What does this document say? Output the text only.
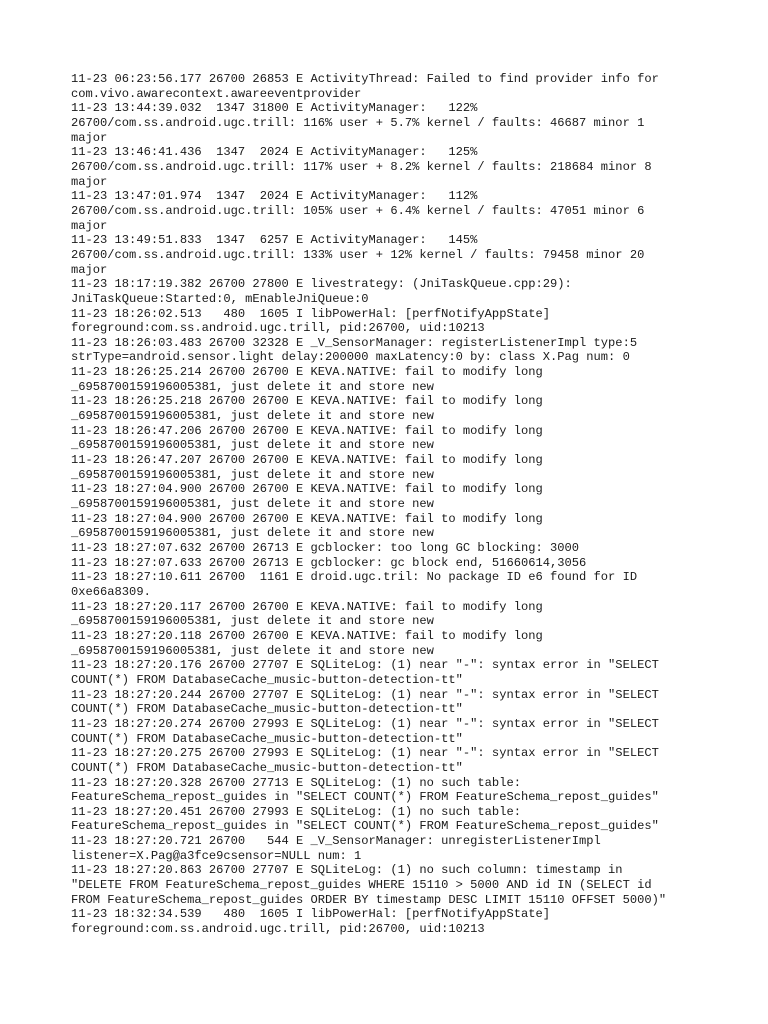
11-23 06:23:56.177 26700 26853 E ActivityThread: Failed to find provider info for
com.vivo.awarecontext.awareeventprovider
11-23 13:44:39.032  1347 31800 E ActivityManager:   122%
26700/com.ss.android.ugc.trill: 116% user + 5.7% kernel / faults: 46687 minor 1
major
11-23 13:46:41.436  1347  2024 E ActivityManager:   125%
26700/com.ss.android.ugc.trill: 117% user + 8.2% kernel / faults: 218684 minor 8
major
11-23 13:47:01.974  1347  2024 E ActivityManager:   112%
26700/com.ss.android.ugc.trill: 105% user + 6.4% kernel / faults: 47051 minor 6
major
11-23 13:49:51.833  1347  6257 E ActivityManager:   145%
26700/com.ss.android.ugc.trill: 133% user + 12% kernel / faults: 79458 minor 20
major
11-23 18:17:19.382 26700 27800 E livestrategy: (JniTaskQueue.cpp:29):
JniTaskQueue:Started:0, mEnableJniQueue:0
11-23 18:26:02.513   480  1605 I libPowerHal: [perfNotifyAppState]
foreground:com.ss.android.ugc.trill, pid:26700, uid:10213
11-23 18:26:03.483 26700 32328 E _V_SensorManager: registerListenerImpl type:5
strType=android.sensor.light delay:200000 maxLatency:0 by: class X.Pag num: 0
11-23 18:26:25.214 26700 26700 E KEVA.NATIVE: fail to modify long
_6958700159196005381, just delete it and store new
11-23 18:26:25.218 26700 26700 E KEVA.NATIVE: fail to modify long
_6958700159196005381, just delete it and store new
11-23 18:26:47.206 26700 26700 E KEVA.NATIVE: fail to modify long
_6958700159196005381, just delete it and store new
11-23 18:26:47.207 26700 26700 E KEVA.NATIVE: fail to modify long
_6958700159196005381, just delete it and store new
11-23 18:27:04.900 26700 26700 E KEVA.NATIVE: fail to modify long
_6958700159196005381, just delete it and store new
11-23 18:27:04.900 26700 26700 E KEVA.NATIVE: fail to modify long
_6958700159196005381, just delete it and store new
11-23 18:27:07.632 26700 26713 E gcblocker: too long GC blocking: 3000
11-23 18:27:07.633 26700 26713 E gcblocker: gc block end, 51660614,3056
11-23 18:27:10.611 26700  1161 E droid.ugc.tril: No package ID e6 found for ID
0xe66a8309.
11-23 18:27:20.117 26700 26700 E KEVA.NATIVE: fail to modify long
_6958700159196005381, just delete it and store new
11-23 18:27:20.118 26700 26700 E KEVA.NATIVE: fail to modify long
_6958700159196005381, just delete it and store new
11-23 18:27:20.176 26700 27707 E SQLiteLog: (1) near "-": syntax error in "SELECT
COUNT(*) FROM DatabaseCache_music-button-detection-tt"
11-23 18:27:20.244 26700 27707 E SQLiteLog: (1) near "-": syntax error in "SELECT
COUNT(*) FROM DatabaseCache_music-button-detection-tt"
11-23 18:27:20.274 26700 27993 E SQLiteLog: (1) near "-": syntax error in "SELECT
COUNT(*) FROM DatabaseCache_music-button-detection-tt"
11-23 18:27:20.275 26700 27993 E SQLiteLog: (1) near "-": syntax error in "SELECT
COUNT(*) FROM DatabaseCache_music-button-detection-tt"
11-23 18:27:20.328 26700 27713 E SQLiteLog: (1) no such table:
FeatureSchema_repost_guides in "SELECT COUNT(*) FROM FeatureSchema_repost_guides"
11-23 18:27:20.451 26700 27993 E SQLiteLog: (1) no such table:
FeatureSchema_repost_guides in "SELECT COUNT(*) FROM FeatureSchema_repost_guides"
11-23 18:27:20.721 26700   544 E _V_SensorManager: unregisterListenerImpl
listener=X.Pag@a3fce9csensor=NULL num: 1
11-23 18:27:20.863 26700 27707 E SQLiteLog: (1) no such column: timestamp in
"DELETE FROM FeatureSchema_repost_guides WHERE 15110 > 5000 AND id IN (SELECT id
FROM FeatureSchema_repost_guides ORDER BY timestamp DESC LIMIT 15110 OFFSET 5000)"
11-23 18:32:34.539   480  1605 I libPowerHal: [perfNotifyAppState]
foreground:com.ss.android.ugc.trill, pid:26700, uid:10213
